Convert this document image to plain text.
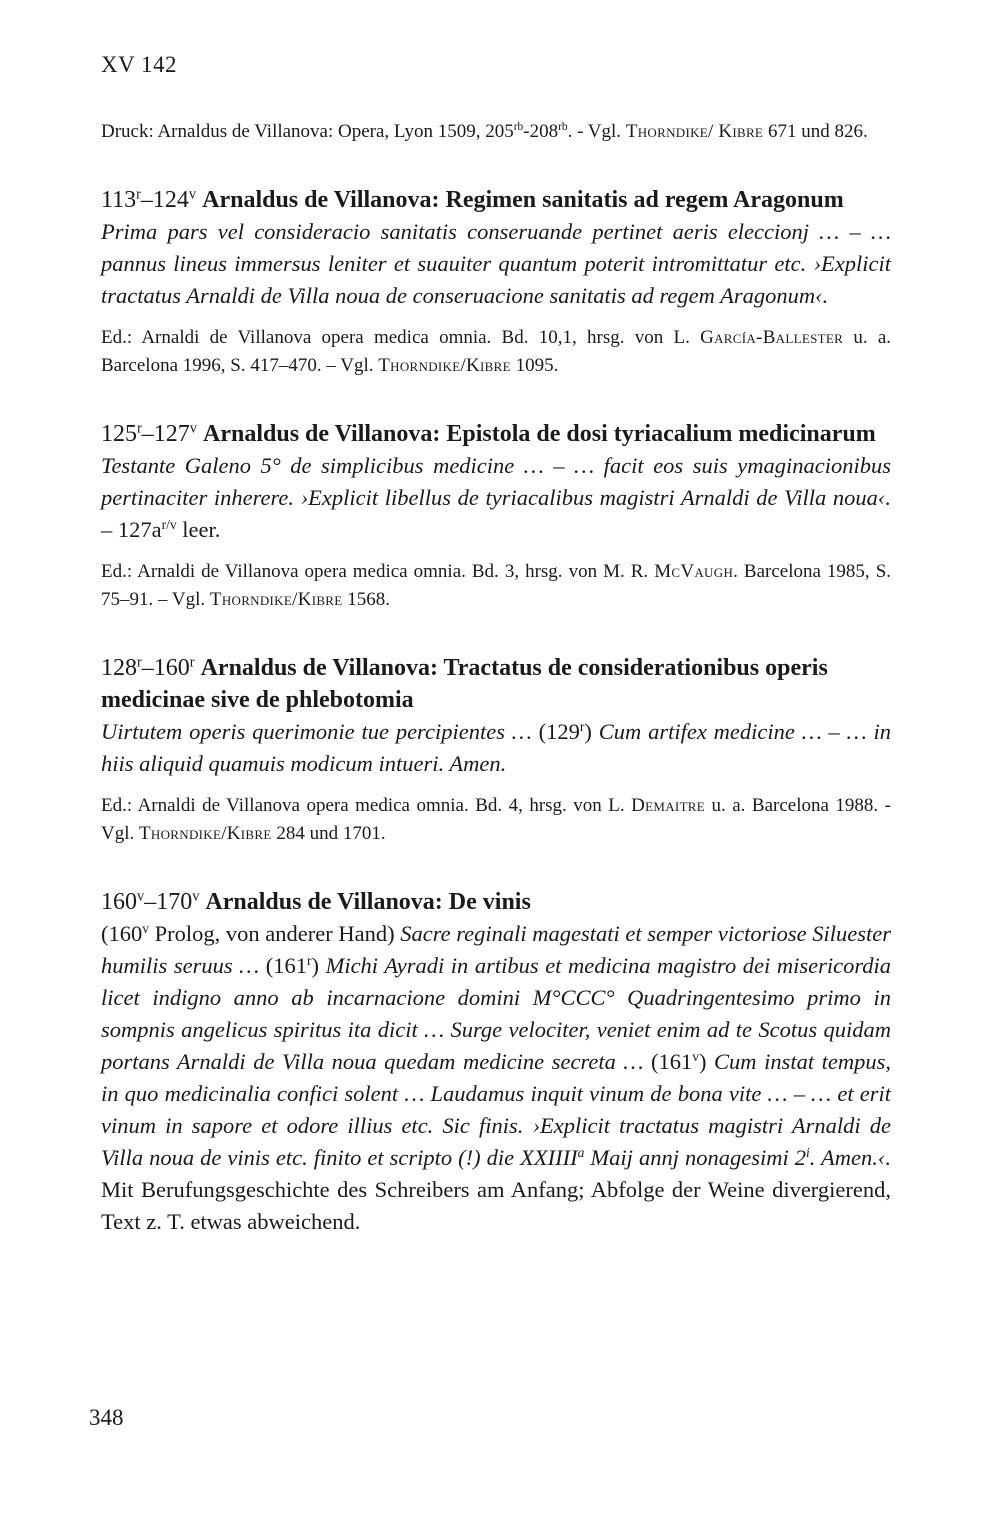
XV 142
Druck: Arnaldus de Villanova: Opera, Lyon 1509, $205^{rb}-208^{rb}$. - Vgl. Thorndike/ Kibre 671 und 826.
113$^r$–124$^v$ Arnaldus de Villanova: Regimen sanitatis ad regem Aragonum
Prima pars vel consideracio sanitatis conseruande pertinet aeris eleccionj … – … pannus lineus immersus leniter et suauiter quantum poterit intromittatur etc. ›Explicit tractatus Arnaldi de Villa noua de conseruacione sanitatis ad regem Aragonum‹.
Ed.: Arnaldi de Villanova opera medica omnia. Bd. 10,1, hrsg. von L. García-Ballester u. a. Barcelona 1996, S. 417–470. – Vgl. Thorndike/Kibre 1095.
125$^r$–127$^v$ Arnaldus de Villanova: Epistola de dosi tyriacalium medicinarum
Testante Galeno 5° de simplicibus medicine … – … facit eos suis ymaginacionibus pertinaciter inherere. ›Explicit libellus de tyriacalibus magistri Arnaldi de Villa noua‹. – $127a^{r/v}$ leer.
Ed.: Arnaldi de Villanova opera medica omnia. Bd. 3, hrsg. von M. R. McVaugh. Barcelona 1985, S. 75–91. – Vgl. Thorndike/Kibre 1568.
128$^r$–160$^r$ Arnaldus de Villanova: Tractatus de considerationibus operis medicinae sive de phlebotomia
Uirtutem operis querimonie tue percipientes … (129$^r$) Cum artifex medicine … – … in hiis aliquid quamuis modicum intueri. Amen.
Ed.: Arnaldi de Villanova opera medica omnia. Bd. 4, hrsg. von L. Demaitre u. a. Barcelona 1988. - Vgl. Thorndike/Kibre 284 und 1701.
160$^v$–170$^v$ Arnaldus de Villanova: De vinis
(160$^v$ Prolog, von anderer Hand) Sacre reginali magestati et semper victoriose Siluester humilis seruus … (161$^r$) Michi Ayradi in artibus et medicina magistro dei misericordia licet indigno anno ab incarnacione domini M°CCC° Quadringentesimo primo in sompnis angelicus spiritus ita dicit … Surge velociter, veniet enim ad te Scotus quidam portans Arnaldi de Villa noua quedam medicine secreta … (161$^v$) Cum instat tempus, in quo medicinalia confici solent … Laudamus inquit vinum de bona vite … – … et erit vinum in sapore et odore illius etc. Sic finis. ›Explicit tractatus magistri Arnaldi de Villa noua de vinis etc. finito et scripto (!) die XXIIII$^a$ Maij annj nonagesimi 2$^i$. Amen.‹. Mit Berufungsgeschichte des Schreibers am Anfang; Abfolge der Weine divergierend, Text z. T. etwas abweichend.
348
